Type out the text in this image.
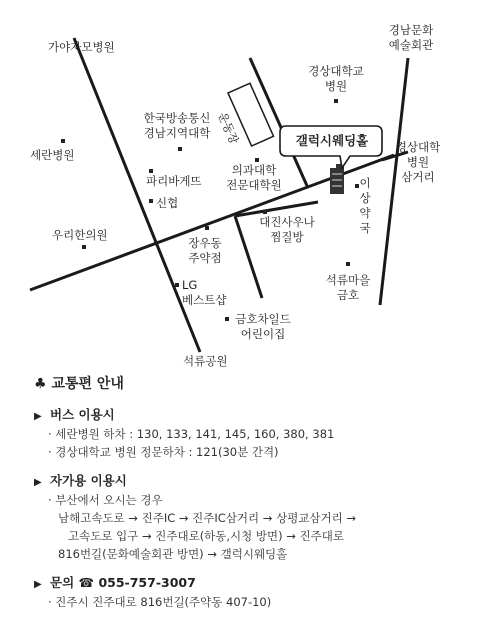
가야자모병원
경남문화
예술회관
경상대학교
병원
운동장
한국방송통신
경남지역대학
세란병원
파리바게뜨
신협
의과대학
전문대학원
갤럭시웨딩홀	경상대학
병원
삼거리
이상약국
대진사우나
찜질방
장우동
주약점
우리한의원
LG
베스트샵
석류마을
금호
금호차일드
어린이집
석류공원
♣ 교통편 안내
▶ 버스 이용시
· 세란병원 하차 : 130, 133, 141, 145, 160, 380, 381
· 경상대학교 병원 정문하차 : 121(30분 간격)
▶ 자가용 이용시
· 부산에서 오시는 경우
남해고속도로 → 진주IC → 진주IC삼거리 → 상평교삼거리 →
고속도로 입구 → 진주대로(하동,시청 방면) → 진주대로
816번길(문화예술회관 방면) → 갤럭시웨딩홀
▶ 문의 ☎ 055-757-3007
· 진주시 진주대로 816번길(주약동 407-10)
